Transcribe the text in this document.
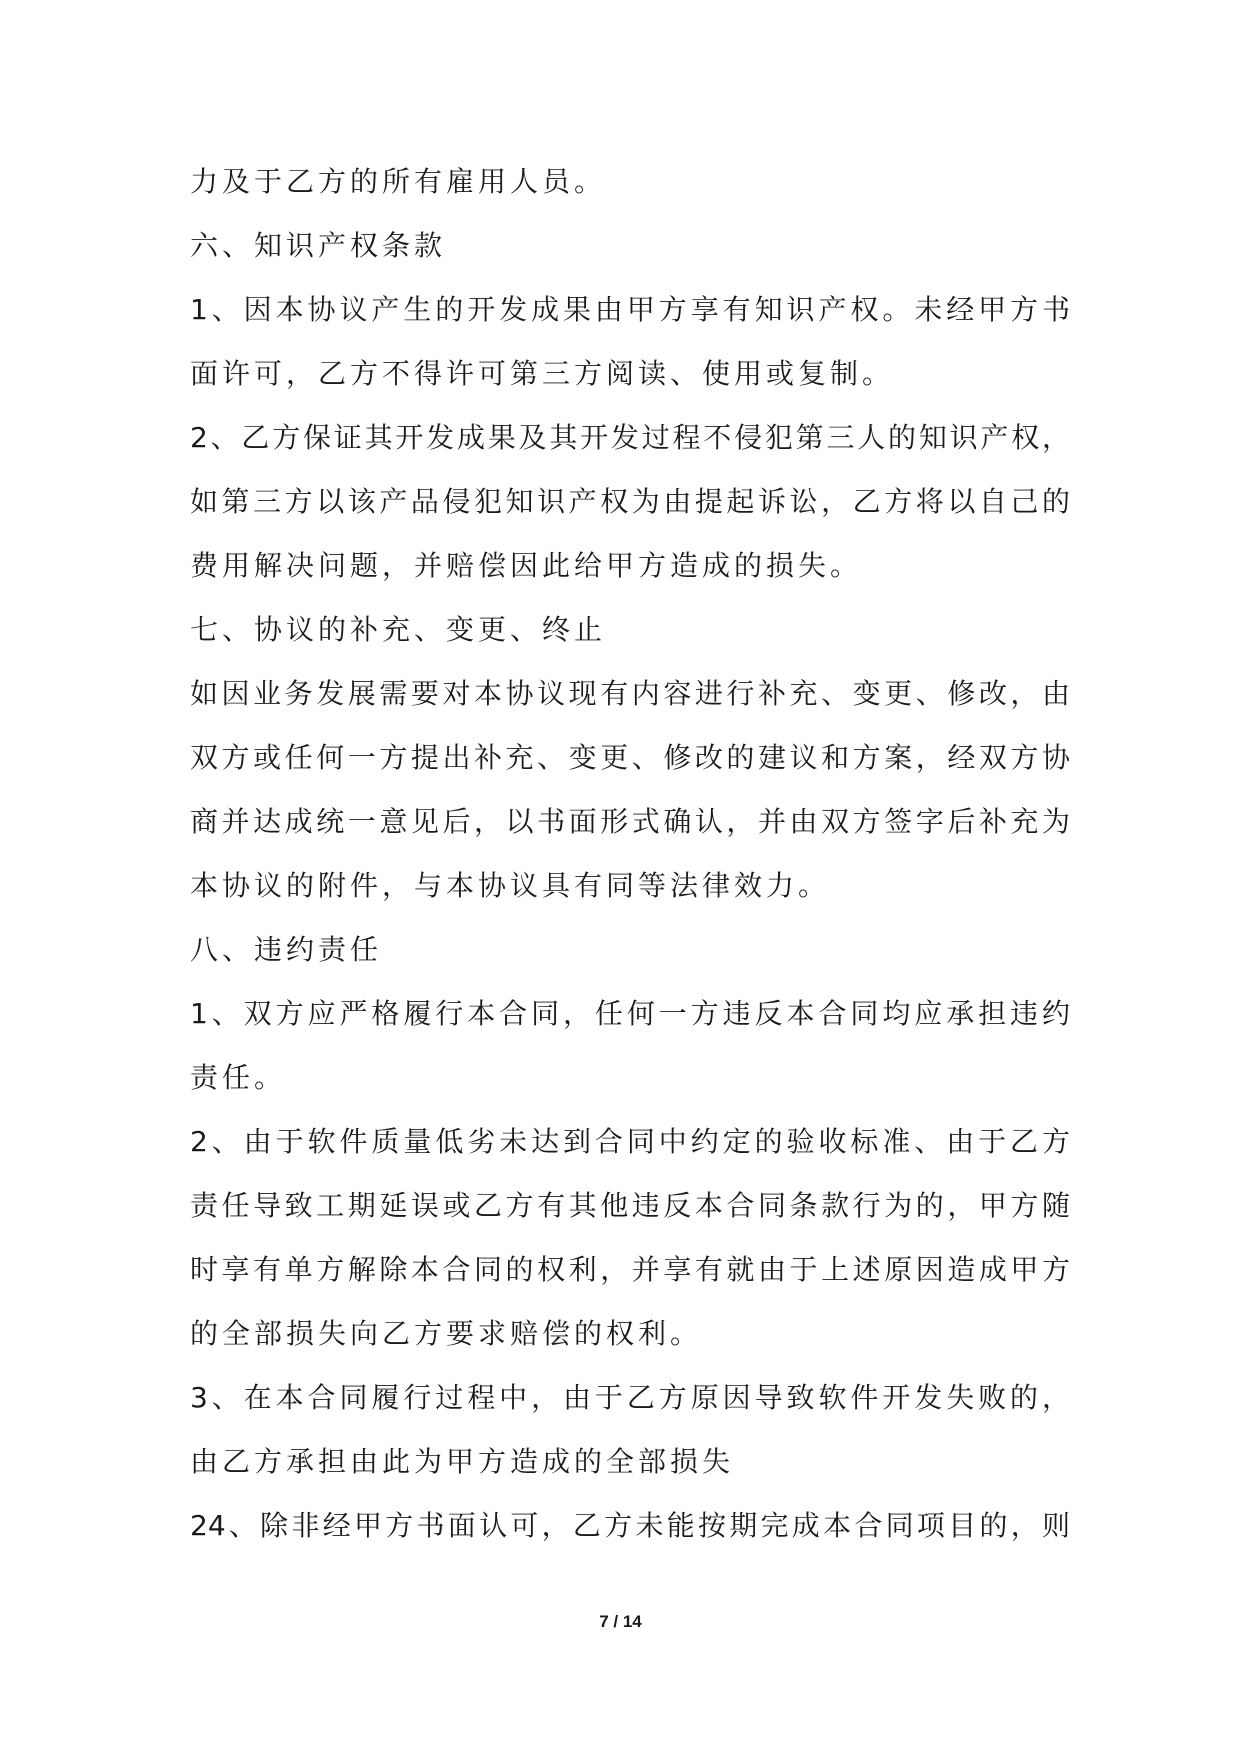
力及于乙方的所有雇用人员。
六、知识产权条款
1、因本协议产生的开发成果由甲方享有知识产权。未经甲方书
面许可，乙方不得许可第三方阅读、使用或复制。
2、乙方保证其开发成果及其开发过程不侵犯第三人的知识产权，
如第三方以该产品侵犯知识产权为由提起诉讼，乙方将以自己的
费用解决问题，并赔偿因此给甲方造成的损失。
七、协议的补充、变更、终止
如因业务发展需要对本协议现有内容进行补充、变更、修改，由
双方或任何一方提出补充、变更、修改的建议和方案，经双方协
商并达成统一意见后，以书面形式确认，并由双方签字后补充为
本协议的附件，与本协议具有同等法律效力。
八、违约责任
1、双方应严格履行本合同，任何一方违反本合同均应承担违约
责任。
2、由于软件质量低劣未达到合同中约定的验收标准、由于乙方
责任导致工期延误或乙方有其他违反本合同条款行为的，甲方随
时享有单方解除本合同的权利，并享有就由于上述原因造成甲方
的全部损失向乙方要求赔偿的权利。
3、在本合同履行过程中，由于乙方原因导致软件开发失败的，
由乙方承担由此为甲方造成的全部损失
24、除非经甲方书面认可，乙方未能按期完成本合同项目的，则
7 / 14
